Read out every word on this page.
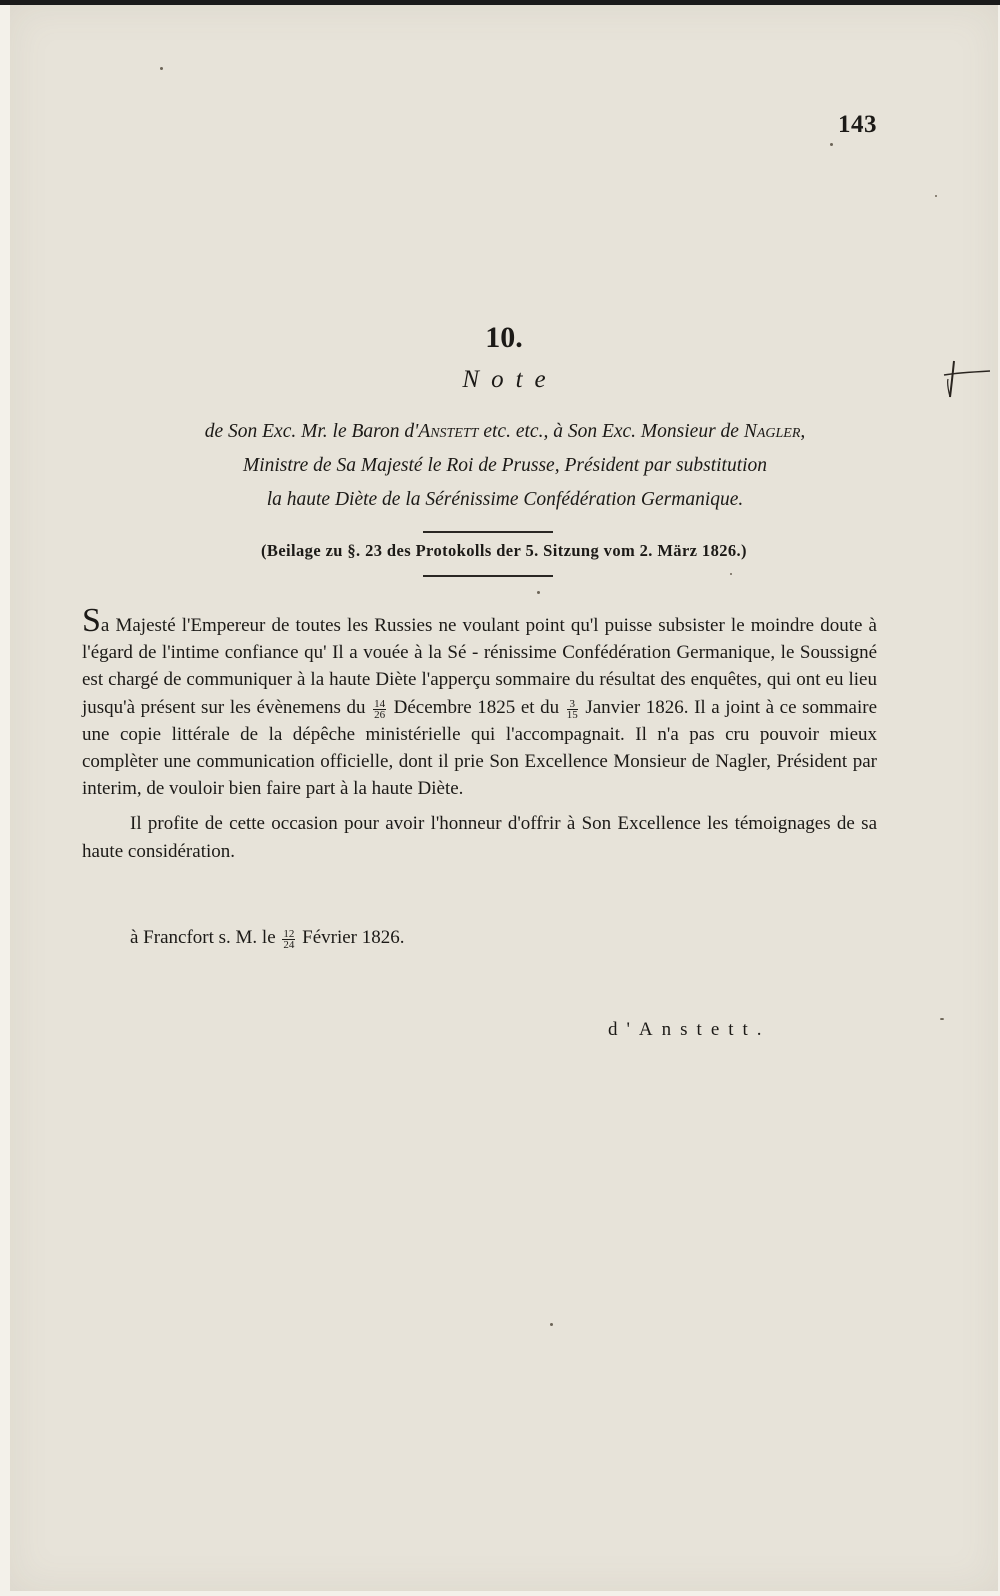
143
10.
Note
de Son Exc. Mr. le Baron d'Anstett etc. etc., à Son Exc. Monsieur de Nagler,
Ministre de Sa Majesté le Roi de Prusse, Président par substitution
la haute Diète de la Sérénissime Confédération Germanique.
(Beilage zu §. 23 des Protokolls der 5. Sitzung vom 2. März 1826.)

Sa Majesté l'Empereur de toutes les Russies ne voulant point qu'l puisse subsister le moindre doute à l'égard de l'intime confiance qu' Il a vouée à la Sé - rénissime Confédération Germanique, le Soussigné est chargé de communiquer à la haute Diète l'apperçu sommaire du résultat des enquêtes, qui ont eu lieu jusqu'à présent sur les évènemens du $\frac{14}{26}$ Décembre 1825 et du $\frac{3}{15}$ Janvier 1826. Il a joint à ce sommaire une copie littérale de la dépêche ministérielle qui l'accompagnait. Il n'a pas cru pouvoir mieux complèter une communication officielle, dont il prie Son Excellence Monsieur de Nagler, Président par interim, de vouloir bien faire part à la haute Diète.

Il profite de cette occasion pour avoir l'honneur d'offrir à Son Excellence les témoignages de sa haute considération.

à Francfort s. M. le $\frac{12}{24}$ Février 1826.
d'Anstett.
